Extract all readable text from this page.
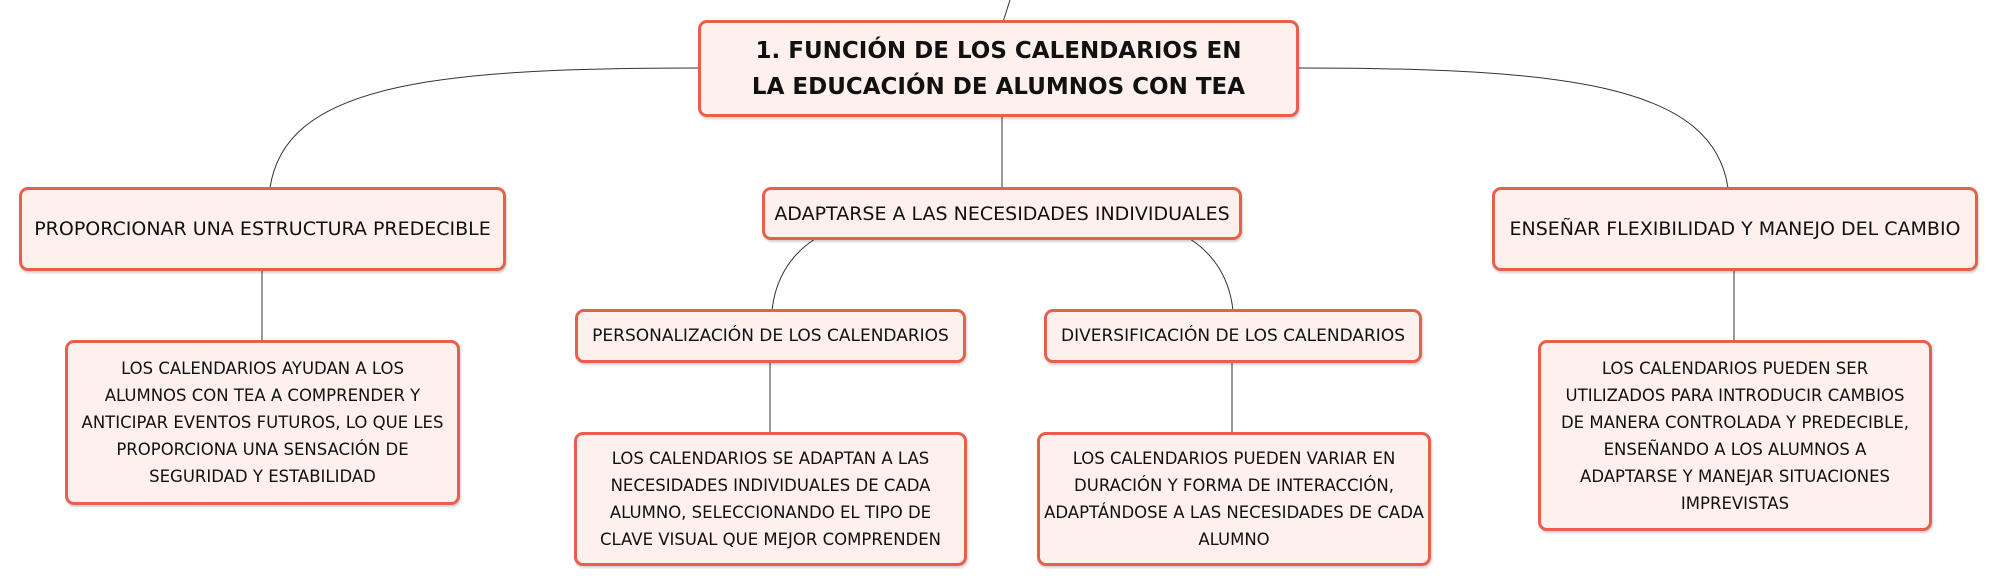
1. FUNCIÓN DE LOS CALENDARIOS EN LA EDUCACIÓN DE ALUMNOS CON TEA
PROPORCIONAR UNA ESTRUCTURA PREDECIBLE
ADAPTARSE A LAS NECESIDADES INDIVIDUALES
ENSEÑAR FLEXIBILIDAD Y MANEJO DEL CAMBIO
PERSONALIZACIÓN DE LOS CALENDARIOS	DIVERSIFICACIÓN DE LOS CALENDARIOS
LOS CALENDARIOS AYUDAN A LOS ALUMNOS CON TEA A COMPRENDER Y ANTICIPAR EVENTOS FUTUROS, LO QUE LES PROPORCIONA UNA SENSACIÓN DE SEGURIDAD Y ESTABILIDAD
LOS CALENDARIOS SE ADAPTAN A LAS NECESIDADES INDIVIDUALES DE CADA ALUMNO, SELECCIONANDO EL TIPO DE CLAVE VISUAL QUE MEJOR COMPRENDEN
LOS CALENDARIOS PUEDEN VARIAR EN DURACIÓN Y FORMA DE INTERACCIÓN, ADAPTÁNDOSE A LAS NECESIDADES DE CADA ALUMNO
LOS CALENDARIOS PUEDEN SER UTILIZADOS PARA INTRODUCIR CAMBIOS DE MANERA CONTROLADA Y PREDECIBLE, ENSEÑANDO A LOS ALUMNOS A ADAPTARSE Y MANEJAR SITUACIONES IMPREVISTAS
